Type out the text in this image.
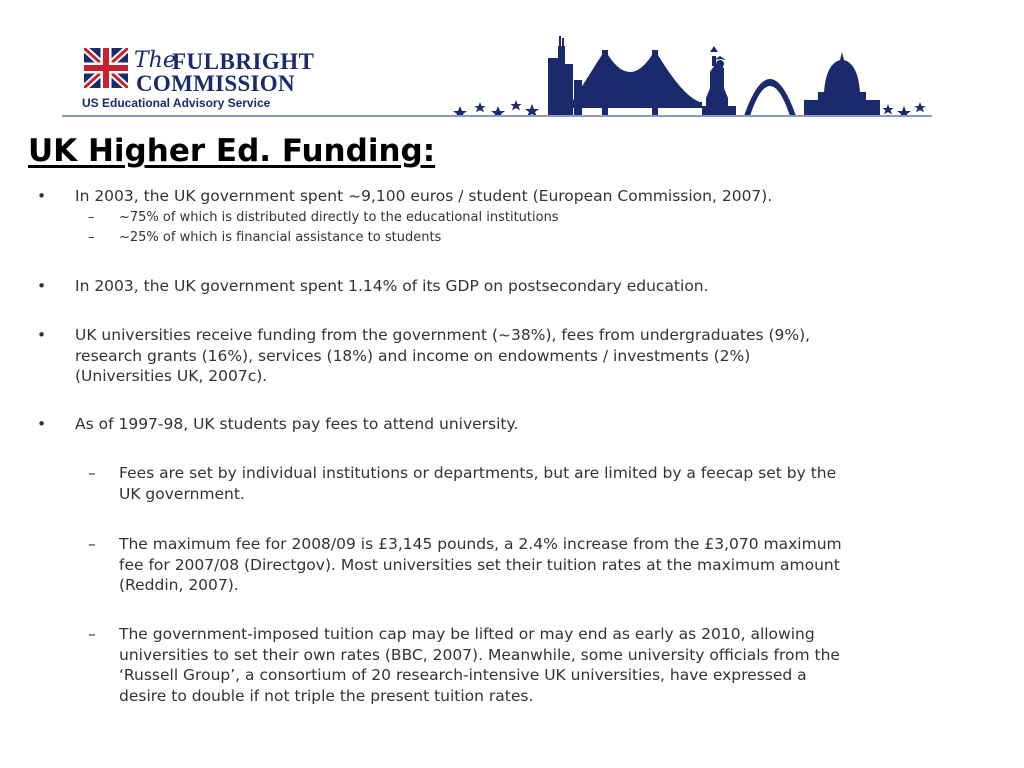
The
FULBRIGHT
COMMISSION
US Educational Advisory Service
UK Higher Ed. Funding:
• In 2003, the UK government spent ~9,100 euros / student (European Commission, 2007).
– ~75% of which is distributed directly to the educational institutions
– ~25% of which is financial assistance to students
• In 2003, the UK government spent 1.14% of its GDP on postsecondary education.
• UK universities receive funding from the government (~38%), fees from undergraduates (9%),
research grants (16%), services (18%) and income on endowments / investments (2%)
(Universities UK, 2007c).
• As of 1997-98, UK students pay fees to attend university.
– Fees are set by individual institutions or departments, but are limited by a feecap set by the
UK government.
– The maximum fee for 2008/09 is £3,145 pounds, a 2.4% increase from the £3,070 maximum
fee for 2007/08 (Directgov). Most universities set their tuition rates at the maximum amount
(Reddin, 2007).
– The government-imposed tuition cap may be lifted or may end as early as 2010, allowing
universities to set their own rates (BBC, 2007). Meanwhile, some university officials from the
‘Russell Group’, a consortium of 20 research-intensive UK universities, have expressed a
desire to double if not triple the present tuition rates.
